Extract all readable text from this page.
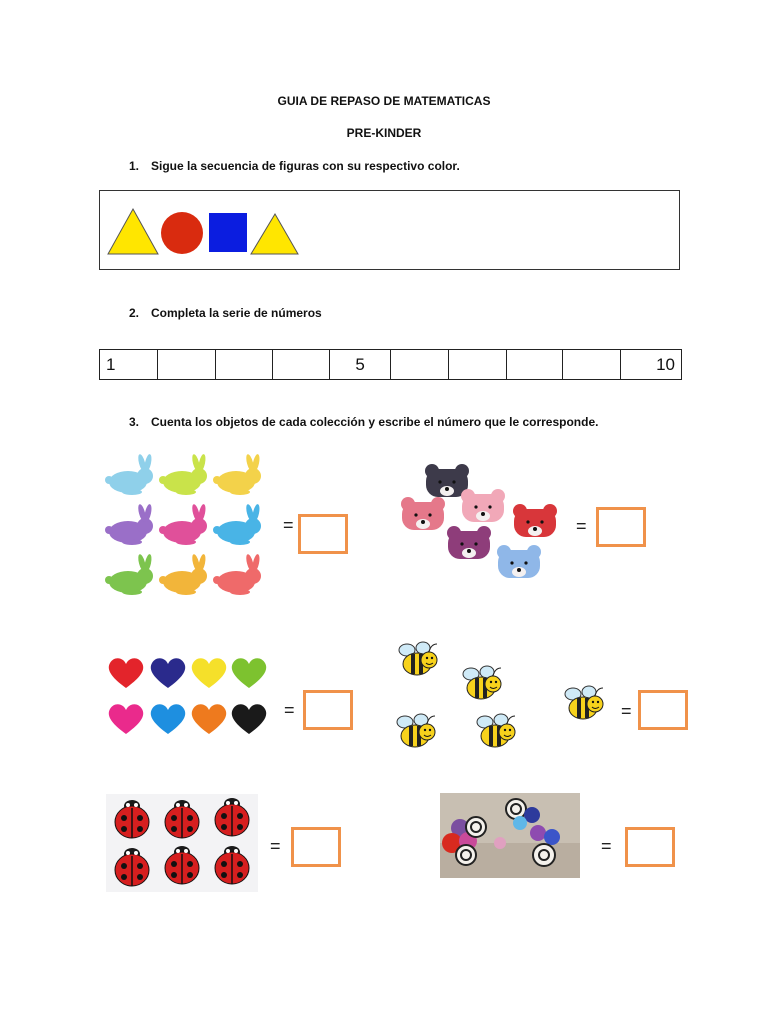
GUIA DE REPASO DE MATEMATICAS
PRE-KINDER
1. Sigue la secuencia de figuras con su respectivo color.
2. Completa la serie de números
1				5					10
3. Cuenta los objetos de cada colección y escribe el número que le corresponde.
=	=
=	=
=	=
